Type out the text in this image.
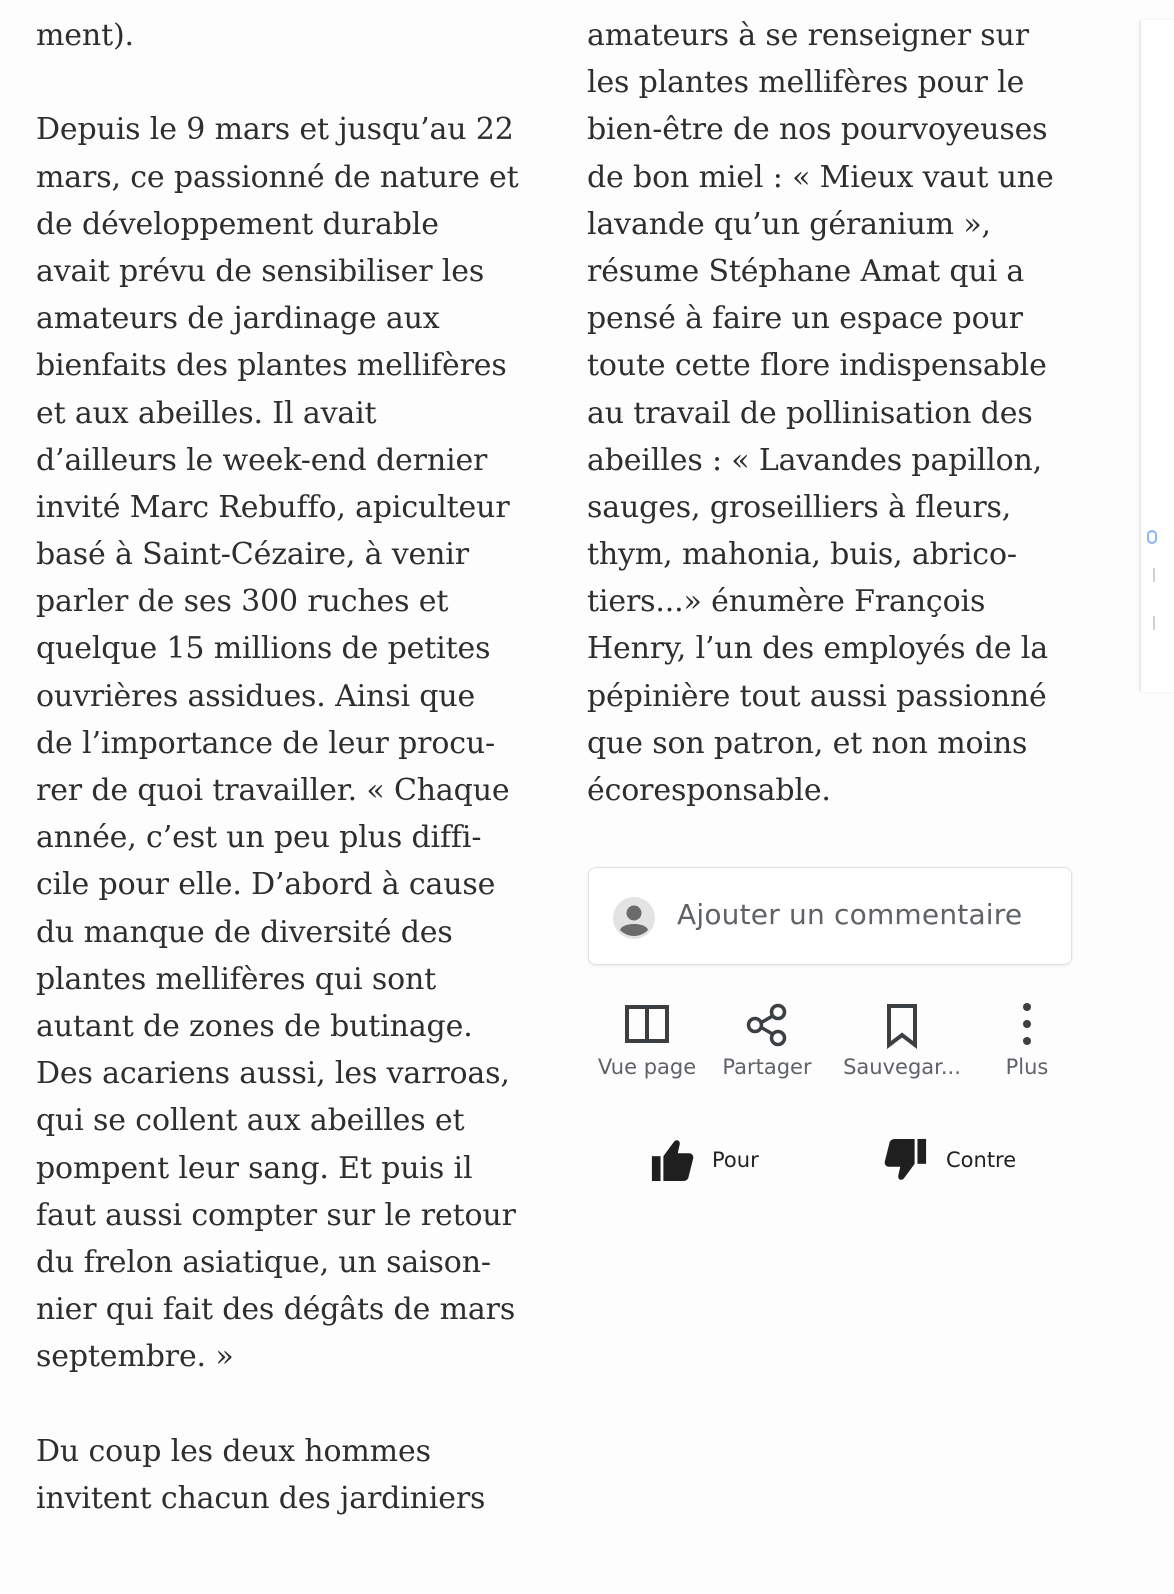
ment).
Depuis le 9 mars et jusqu’au 22
mars, ce passionné de nature et
de développement durable
avait prévu de sensibiliser les
amateurs de jardinage aux
bienfaits des plantes mellifères
et aux abeilles. Il avait
d’ailleurs le week-end dernier
invité Marc Rebuffo, apiculteur
basé à Saint-Cézaire, à venir
parler de ses 300 ruches et
quelque 15 millions de petites
ouvrières assidues. Ainsi que
de l’importance de leur procu-
rer de quoi travailler. « Chaque
année, c’est un peu plus diffi-
cile pour elle. D’abord à cause
du manque de diversité des
plantes mellifères qui sont
autant de zones de butinage.
Des acariens aussi, les varroas,
qui se collent aux abeilles et
pompent leur sang. Et puis il
faut aussi compter sur le retour
du frelon asiatique, un saison-
nier qui fait des dégâts de mars
septembre. »
Du coup les deux hommes
invitent chacun des jardiniers
amateurs à se renseigner sur
les plantes mellifères pour le
bien-être de nos pourvoyeuses
de bon miel : « Mieux vaut une
lavande qu’un géranium »,
résume Stéphane Amat qui a
pensé à faire un espace pour
toute cette flore indispensable
au travail de pollinisation des
abeilles : « Lavandes papillon,
sauges, groseilliers à fleurs,
thym, mahonia, buis, abrico-
tiers...» énumère François
Henry, l’un des employés de la
pépinière tout aussi passionné
que son patron, et non moins
écoresponsable.
Ajouter un commentaire
Vue page	Partager	Sauvegar...	Plus
Pour	Contre
